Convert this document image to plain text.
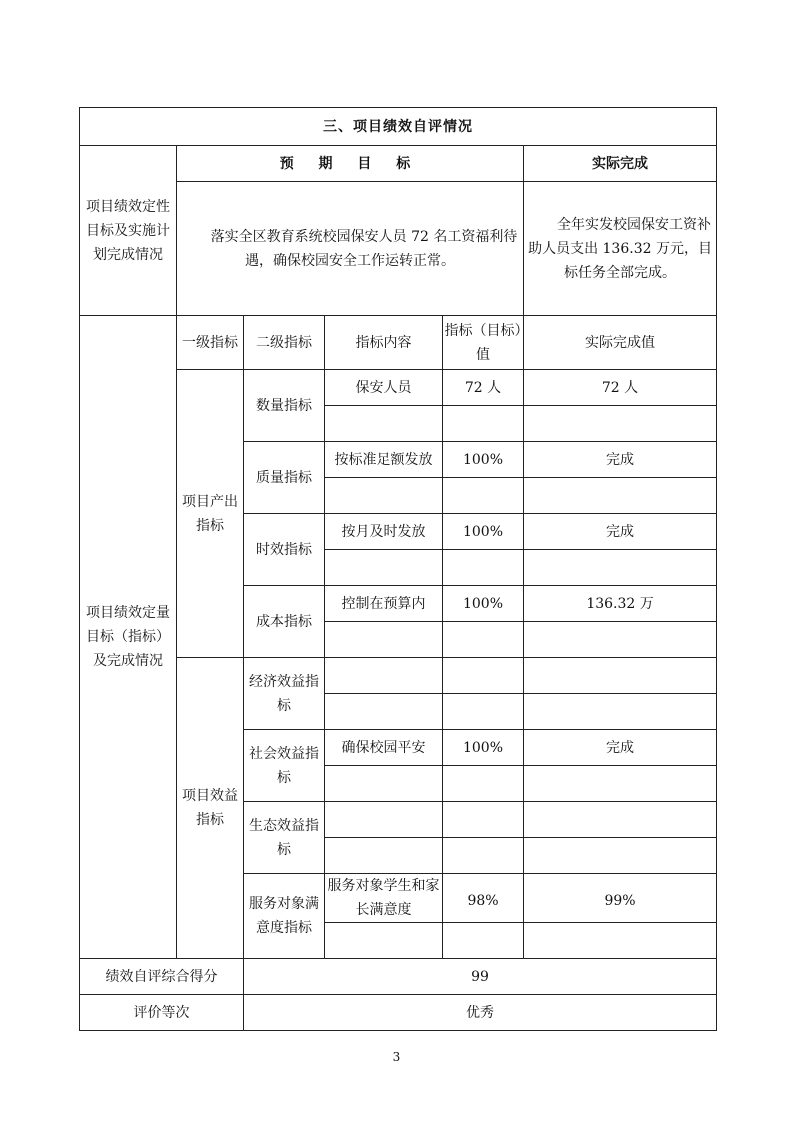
三、项目绩效自评情况					
项目绩效定性目标及实施计划完成情况	预 期 目 标				实际完成
	落实全区教育系统校园保安人员 72 名工资福利待遇，确保校园安全工作运转正常。				全年实发校园保安工资补助人员支出 136.32 万元，目标任务全部完成。
项目绩效定量目标（指标）及完成情况	一级指标	二级指标	指标内容	指标（目标）值	实际完成值
	项目产出指标	数量指标	保安人员	72 人	72 人

		质量指标	按标准足额发放	100%	完成

		时效指标	按月及时发放	100%	完成

		成本指标	控制在预算内	100%	136.32 万

	项目效益指标	经济效益指标			

		社会效益指标	确保校园平安	100%	完成

		生态效益指标			

		服务对象满意度指标	服务对象学生和家长满意度	98%	99%

绩效自评综合得分		99			
评价等次		优秀			
3
